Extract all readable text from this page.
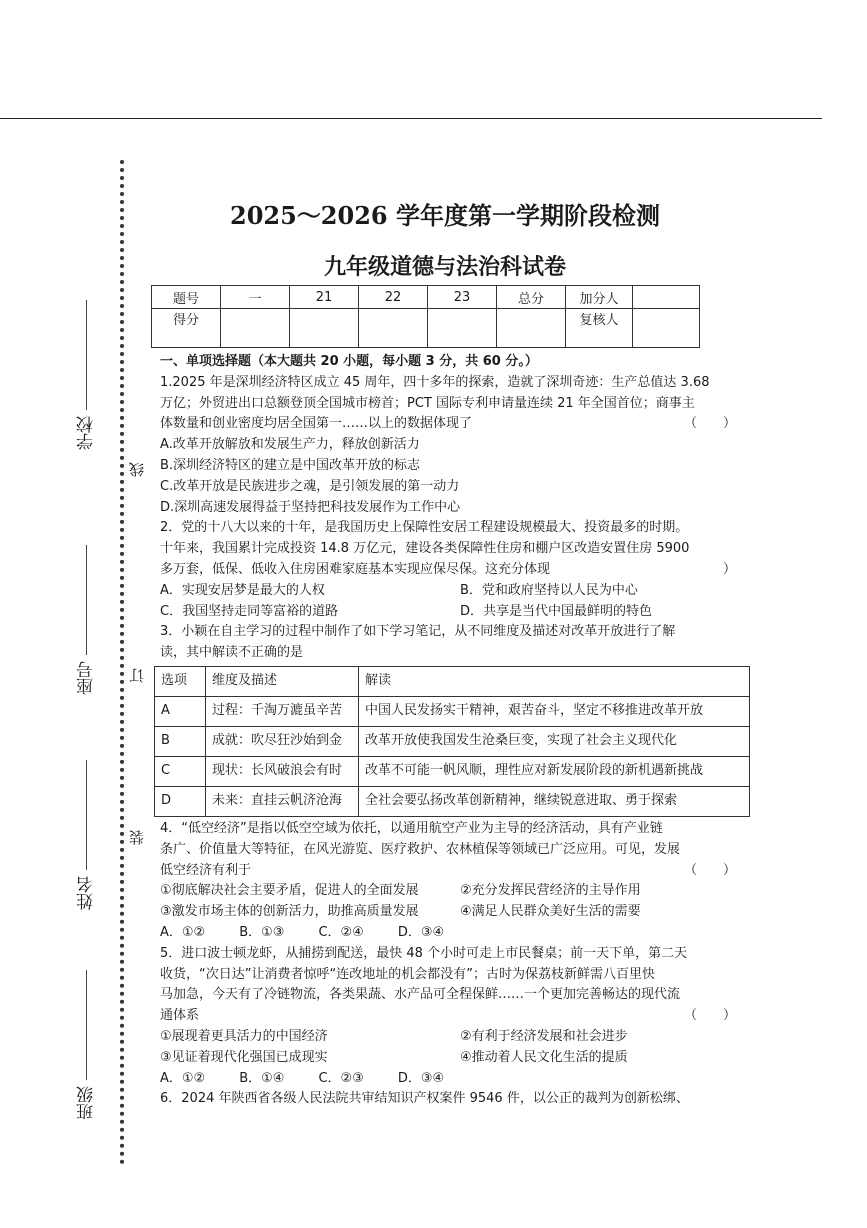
学校
座号
姓名
班级
线
订
装
2025～2026 学年度第一学期阶段检测
九年级道德与法治科试卷
题号	一	21	22	23	总分	加分人	
得分						复核人	

一、单项选择题（本大题共 20 小题，每小题 3 分，共 60 分。）

1.2025 年是深圳经济特区成立 45 周年，四十多年的探索，造就了深圳奇迹：生产总值达 3.68

万亿；外贸进出口总额登顶全国城市榜首；PCT 国际专利申请量连续 21 年全国首位；商事主

体数量和创业密度均居全国第一……以上的数据体现了	（　　）

A.改革开放解放和发展生产力，释放创新活力

B.深圳经济特区的建立是中国改革开放的标志

C.改革开放是民族进步之魂，是引领发展的第一动力

D.深圳高速发展得益于坚持把科技发展作为工作中心

2．党的十八大以来的十年，是我国历史上保障性安居工程建设规模最大、投资最多的时期。

十年来，我国累计完成投资 14.8 万亿元，建设各类保障性住房和棚户区改造安置住房 5900

多万套，低保、低收入住房困难家庭基本实现应保尽保。这充分体现	）

A．实现安居梦是最大的人权	B．党和政府坚持以人民为中心

C．我国坚持走同等富裕的道路	D．共享是当代中国最鲜明的特色

3．小颖在自主学习的过程中制作了如下学习笔记，从不同维度及描述对改革开放进行了解

读，其中解读不正确的是

选项	维度及描述	解读
A	过程：千淘万漉虽辛苦	中国人民发扬实干精神，艰苦奋斗，坚定不移推进改革开放
B	成就：吹尽狂沙始到金	改革开放使我国发生沧桑巨变，实现了社会主义现代化
C	现状：长风破浪会有时	改革不可能一帆风顺，理性应对新发展阶段的新机遇新挑战
D	未来：直挂云帆济沧海	全社会要弘扬改革创新精神，继续锐意进取、勇于探索

4．“低空经济”是指以低空空域为依托，以通用航空产业为主导的经济活动，具有产业链

条广、价值量大等特征，在风光游览、医疗救护、农林植保等领域已广泛应用。可见，发展

低空经济有利于	（　　）

①彻底解决社会主要矛盾，促进人的全面发展	②充分发挥民营经济的主导作用

③激发市场主体的创新活力，助推高质量发展	④满足人民群众美好生活的需要

A．①②	B．①③	C．②④	D．③④

5．进口波士顿龙虾，从捕捞到配送，最快 48 个小时可走上市民餐桌；前一天下单，第二天

收货，“次日达”让消费者惊呼“连改地址的机会都没有”；古时为保荔枝新鲜需八百里快

马加急，今天有了冷链物流，各类果蔬、水产品可全程保鲜……一个更加完善畅达的现代流

通体系	（　　）

①展现着更具活力的中国经济	②有利于经济发展和社会进步

③见证着现代化强国已成现实	④推动着人民文化生活的提质

A．①②	B．①④	C．②③	D．③④

6．2024 年陕西省各级人民法院共审结知识产权案件 9546 件，以公正的裁判为创新松绑、
